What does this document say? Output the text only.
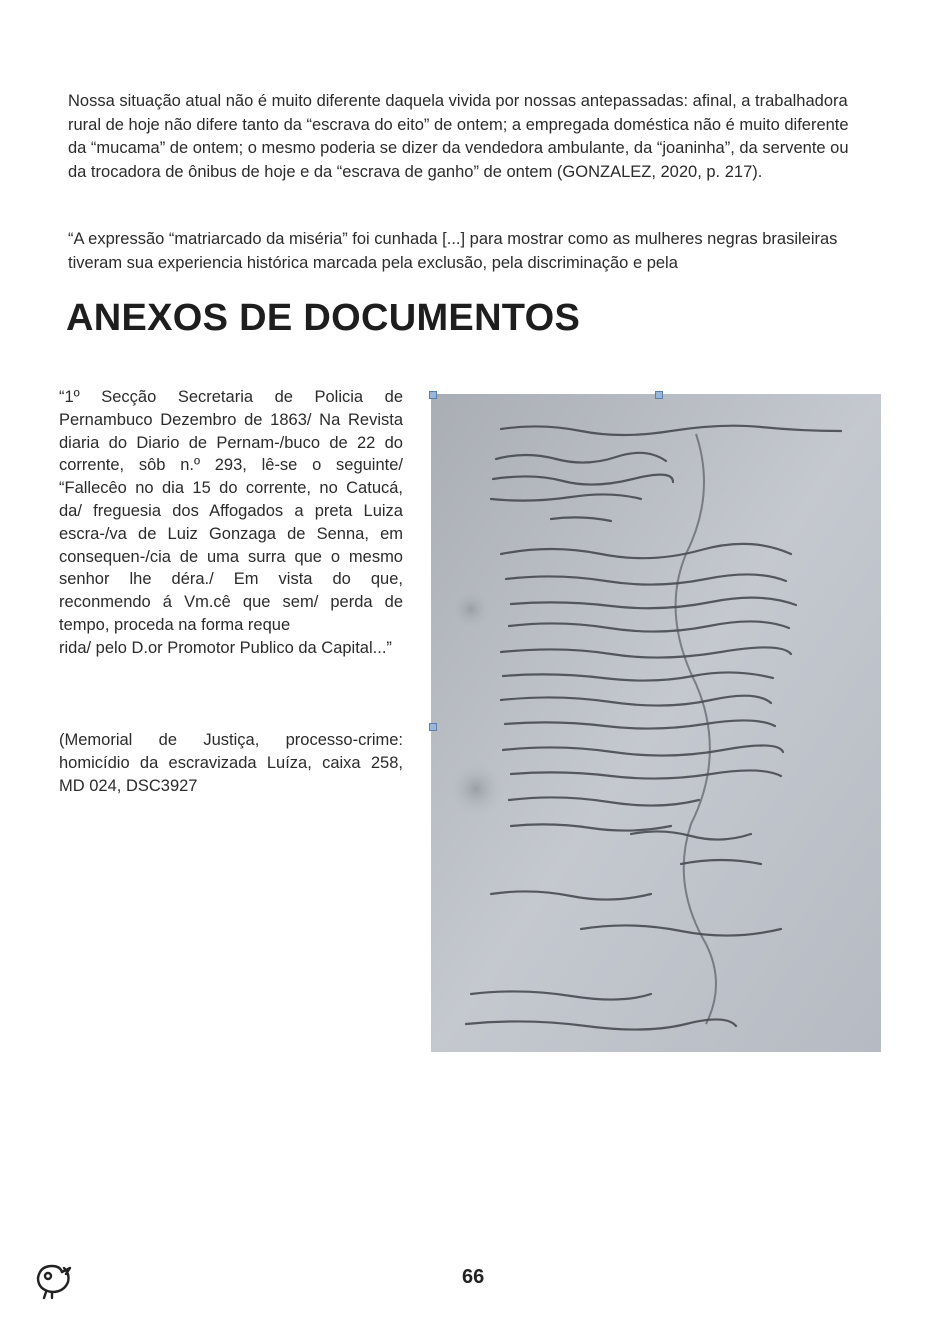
Nossa situação atual não é muito diferente daquela vivida por nossas antepassadas: afinal, a trabalhadora rural de hoje não difere tanto da “escrava do eito” de ontem; a empregada doméstica não é muito diferente da “mucama” de ontem; o mesmo poderia se dizer da vendedora ambulante, da “joaninha”, da servente ou da trocadora de ônibus de hoje e da “escrava de ganho” de ontem (GONZALEZ, 2020, p. 217).

“A expressão “matriarcado da miséria” foi cunhada [...] para mostrar como as mulheres negras brasileiras tiveram sua experiencia histórica marcada pela exclusão, pela discriminação e pela

ANEXOS DE DOCUMENTOS
“1º Secção Secretaria de Policia de Pernambuco Dezembro de 1863/ Na Revista diaria do Diario de Pernam-/buco de 22 do corrente, sôb n.º 293, lê-se o seguinte/ “Fallecêo no dia 15 do corrente, no Catucá, da/ freguesia dos Affogados a preta Luiza escra-/va de Luiz Gonzaga de Senna, em consequen-/cia de uma surra que o mesmo senhor lhe déra./ Em vista do que, reconmendo á Vm.cê que sem/ perda de tempo, proceda na forma reque
rida/ pelo D.or Promotor Publico da Capital...”

(Memorial de Justiça, processo-crime: homicídio da escravizada Luíza, caixa 258, MD 024, DSC3927

66
